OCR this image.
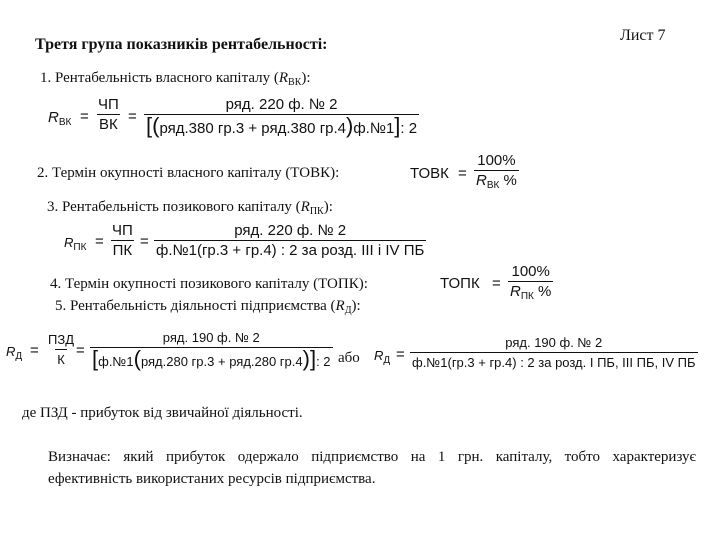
Третя група показників рентабельності:
Лист 7
1. Рентабельність власного капіталу $(R_{ВК})$:
$R_{ВК}$ =
ЧП
ВК =
ряд. 220 ф. № 2
[(ряд.380 гр.3 + ряд.380 гр.4)ф.№1]: 2
2. Термін окупності власного капіталу (ТОВК):	ТОВК =
100%
$R_{ВК}$ %
3. Рентабельність позикового капіталу $(R_{ПК})$:
$R_{ПК}$ =
ЧП
ПК
=
ряд. 220 ф. № 2
ф.№1(гр.3 + гр.4) : 2 за розд. ІІІ і ІV ПБ
4. Термін окупності позикового капіталу (ТОПК):	ТОПК =
100%
$R_{ПК}$ %
5. Рентабельність діяльності підприємства $(R_Д)$:
$R_Д$ =
ПЗД
К
=
ряд. 190 ф. № 2
[ф.№1(ряд.280 гр.3 + ряд.280 гр.4)]: 2 або $R_Д$ =
ряд. 190 ф. № 2
ф.№1(гр.3 + гр.4) : 2 за розд. І ПБ, ІІІ ПБ, ІV ПБ
де ПЗД - прибуток від звичайної діяльності.
Визначає: який прибуток одержало підприємство на 1 грн. капіталу, тобто характеризує ефективність використаних ресурсів підприємства.
